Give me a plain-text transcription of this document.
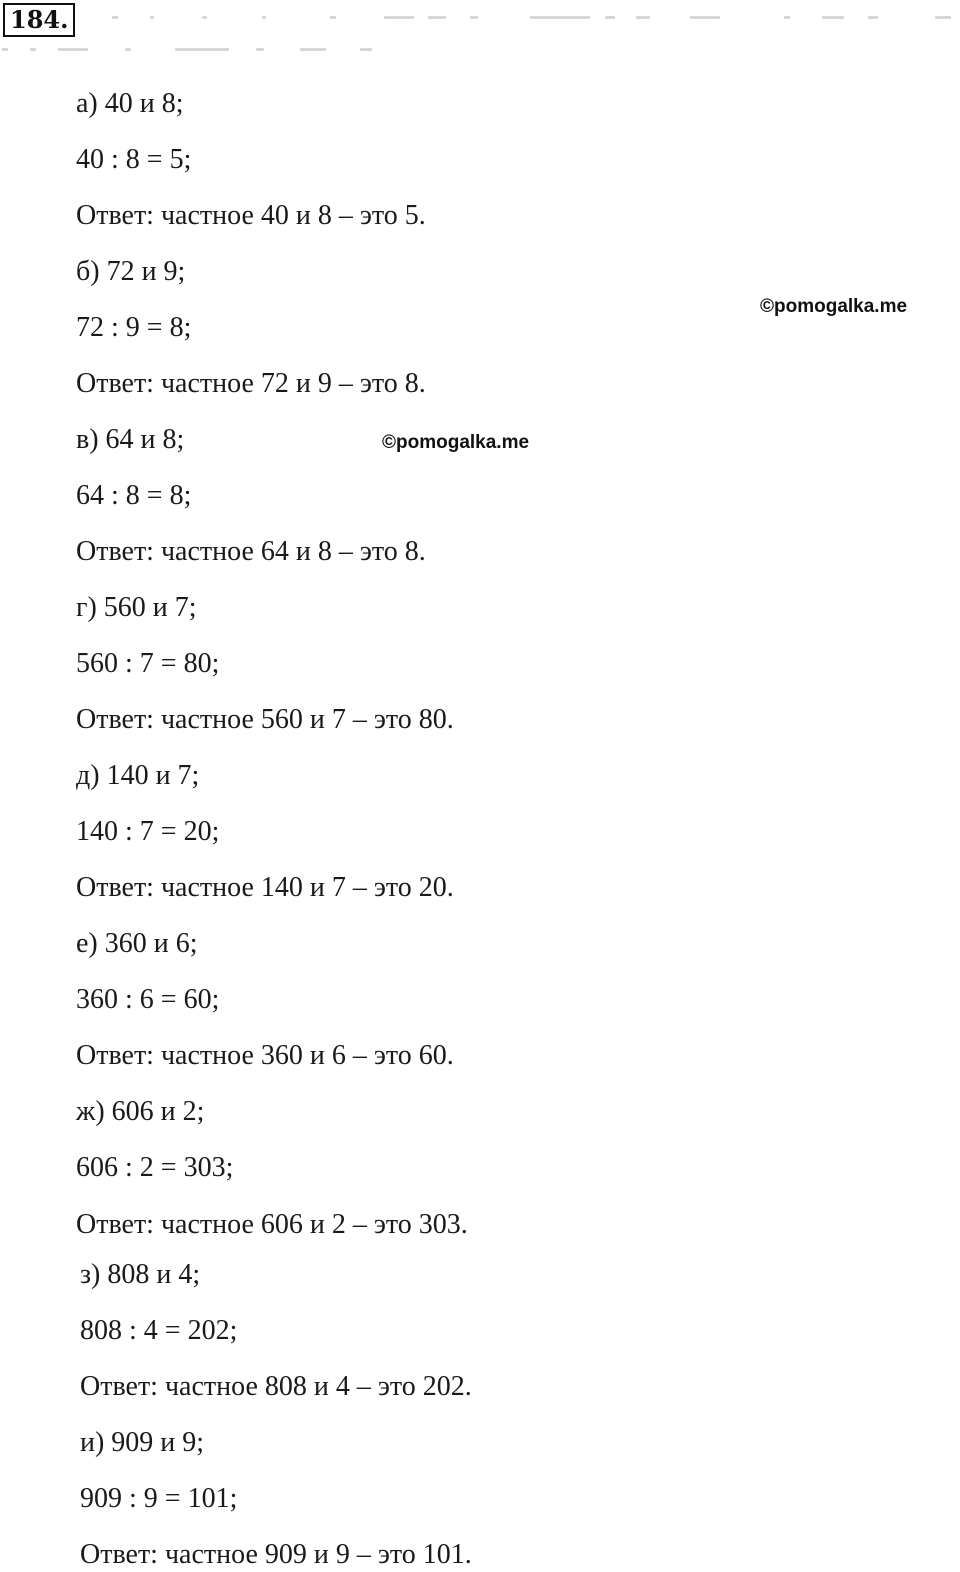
184.
а) 40 и 8;
40 : 8 = 5;
Ответ: частное 40 и 8 – это 5.
б) 72 и 9;
72 : 9 = 8;
Ответ: частное 72 и 9 – это 8.
в) 64 и 8;
64 : 8 = 8;
Ответ: частное 64 и 8 – это 8.
г) 560 и 7;
560 : 7 = 80;
Ответ: частное 560 и 7 – это 80.
д) 140 и 7;
140 : 7 = 20;
Ответ: частное 140 и 7 – это 20.
е) 360 и 6;
360 : 6 = 60;
Ответ: частное 360 и 6 – это 60.
ж) 606 и 2;
606 : 2 = 303;
Ответ: частное 606 и 2 – это 303.
з) 808 и 4;
808 : 4 = 202;
Ответ: частное 808 и 4 – это 202.
и) 909 и 9;
909 : 9 = 101;
Ответ: частное 909 и 9 – это 101.
©pomogalka.me
©pomogalka.me
